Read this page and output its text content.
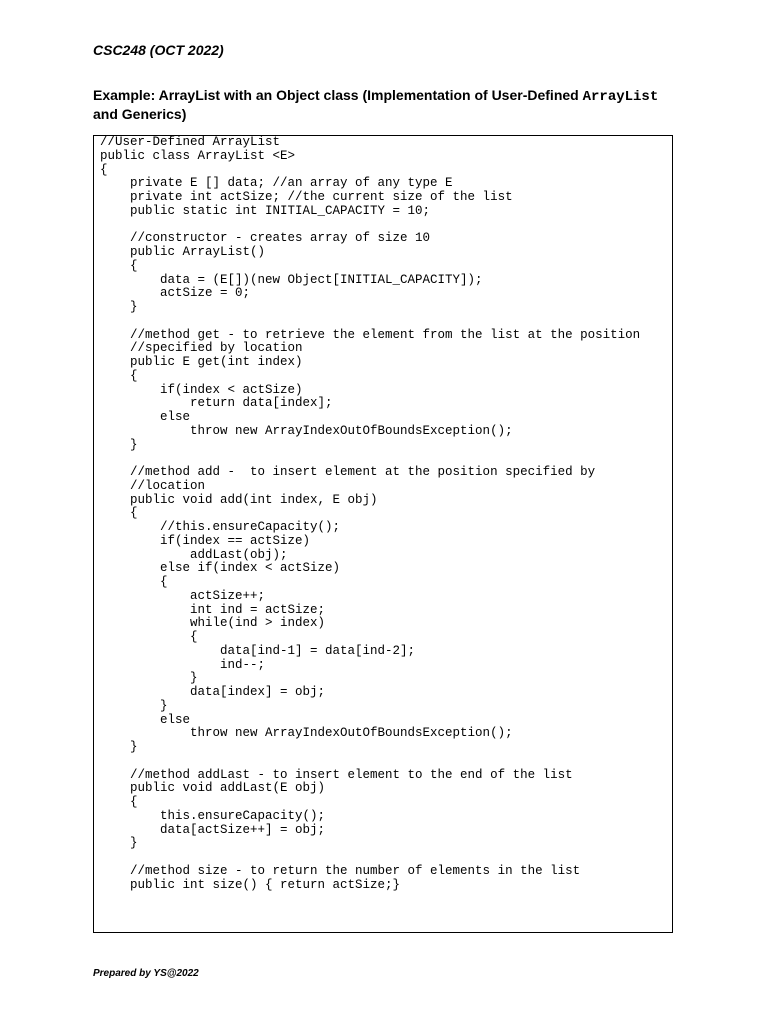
CSC248 (OCT 2022)
Example: ArrayList with an Object class (Implementation of User-Defined ArrayList and Generics)
//User-Defined ArrayList
public class ArrayList <E>
{
private E [] data; //an array of any type E
private int actSize; //the current size of the list
public static int INITIAL_CAPACITY = 10;
//constructor - creates array of size 10
public ArrayList()
{
data = (E[])(new Object[INITIAL_CAPACITY]);
actSize = 0;
}
//method get - to retrieve the element from the list at the position
//specified by location
public E get(int index)
{
if(index < actSize)
return data[index];
else
throw new ArrayIndexOutOfBoundsException();
}
//method add -  to insert element at the position specified by
//location
public void add(int index, E obj)
{
//this.ensureCapacity();
if(index == actSize)
addLast(obj);
else if(index < actSize)
{
actSize++;
int ind = actSize;
while(ind > index)
{
data[ind-1] = data[ind-2];
ind--;
}
data[index] = obj;
}
else
throw new ArrayIndexOutOfBoundsException();
}
//method addLast - to insert element to the end of the list
public void addLast(E obj)
{
this.ensureCapacity();
data[actSize++] = obj;
}
//method size - to return the number of elements in the list
public int size() { return actSize;}
Prepared by YS@2022
